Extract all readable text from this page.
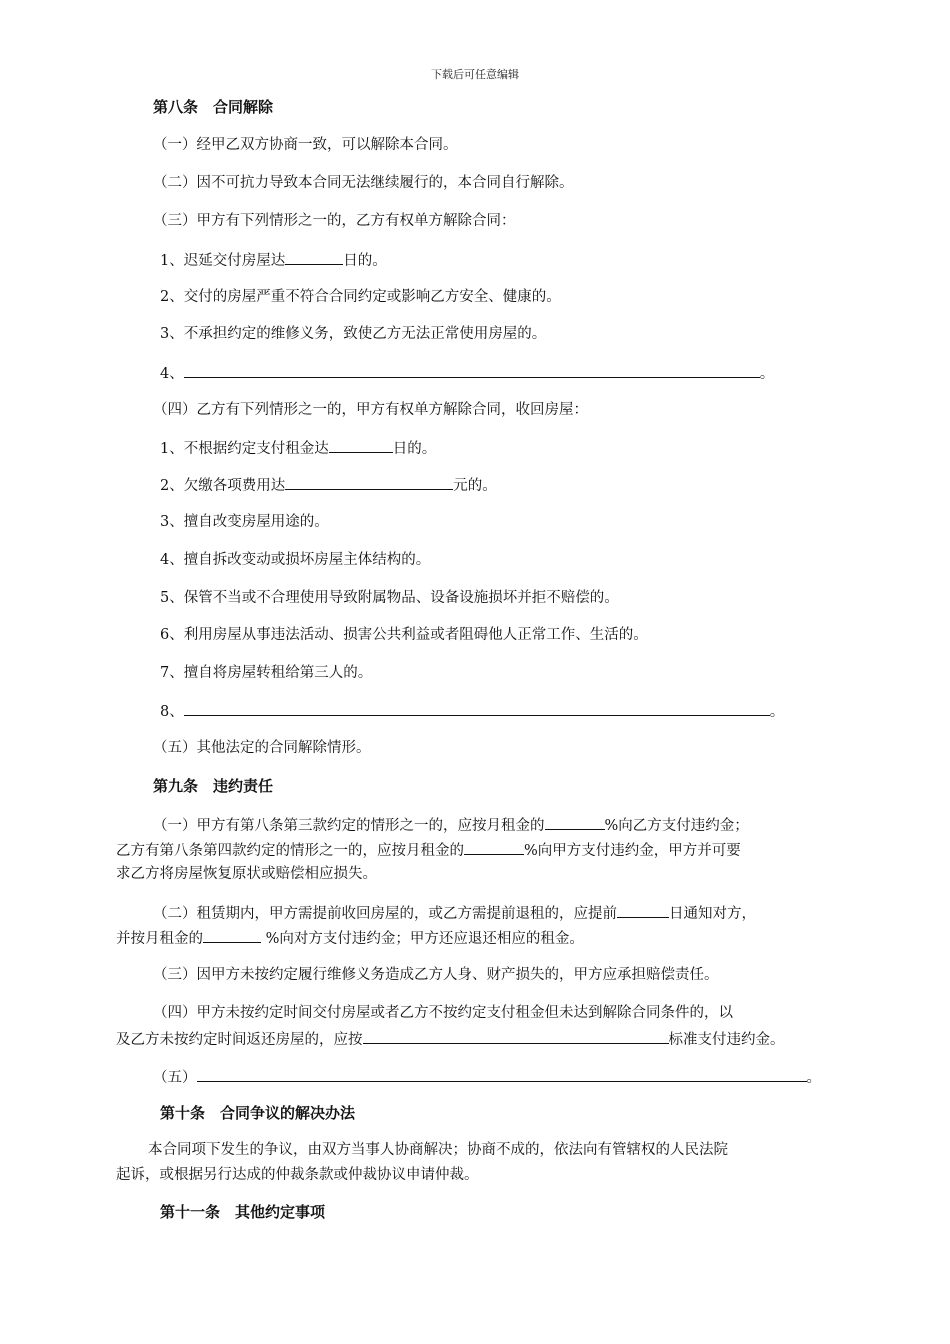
下载后可任意编辑
第八条　合同解除
（一）经甲乙双方协商一致，可以解除本合同。
（二）因不可抗力导致本合同无法继续履行的，本合同自行解除。
（三）甲方有下列情形之一的，乙方有权单方解除合同：
1、迟延交付房屋达	日的。
2、交付的房屋严重不符合合同约定或影响乙方安全、健康的。
3、不承担约定的维修义务，致使乙方无法正常使用房屋的。
4、	。
（四）乙方有下列情形之一的，甲方有权单方解除合同，收回房屋：
1、不根据约定支付租金达	日的。
2、欠缴各项费用达	元的。
3、擅自改变房屋用途的。
4、擅自拆改变动或损坏房屋主体结构的。
5、保管不当或不合理使用导致附属物品、设备设施损坏并拒不赔偿的。
6、利用房屋从事违法活动、损害公共利益或者阻碍他人正常工作、生活的。
7、擅自将房屋转租给第三人的。
8、	。
（五）其他法定的合同解除情形。
第九条　违约责任
（一）甲方有第八条第三款约定的情形之一的，应按月租金的	%向乙方支付违约金；
乙方有第八条第四款约定的情形之一的，应按月租金的	%向甲方支付违约金，甲方并可要
求乙方将房屋恢复原状或赔偿相应损失。
（二）租赁期内，甲方需提前收回房屋的，或乙方需提前退租的，应提前	日通知对方，
并按月租金的	%向对方支付违约金；甲方还应退还相应的租金。
（三）因甲方未按约定履行维修义务造成乙方人身、财产损失的，甲方应承担赔偿责任。
（四）甲方未按约定时间交付房屋或者乙方不按约定支付租金但未达到解除合同条件的，以
及乙方未按约定时间返还房屋的，应按	标准支付违约金。
（五）	。
第十条　合同争议的解决办法
本合同项下发生的争议，由双方当事人协商解决；协商不成的，依法向有管辖权的人民法院
起诉，或根据另行达成的仲裁条款或仲裁协议申请仲裁。
第十一条　其他约定事项
